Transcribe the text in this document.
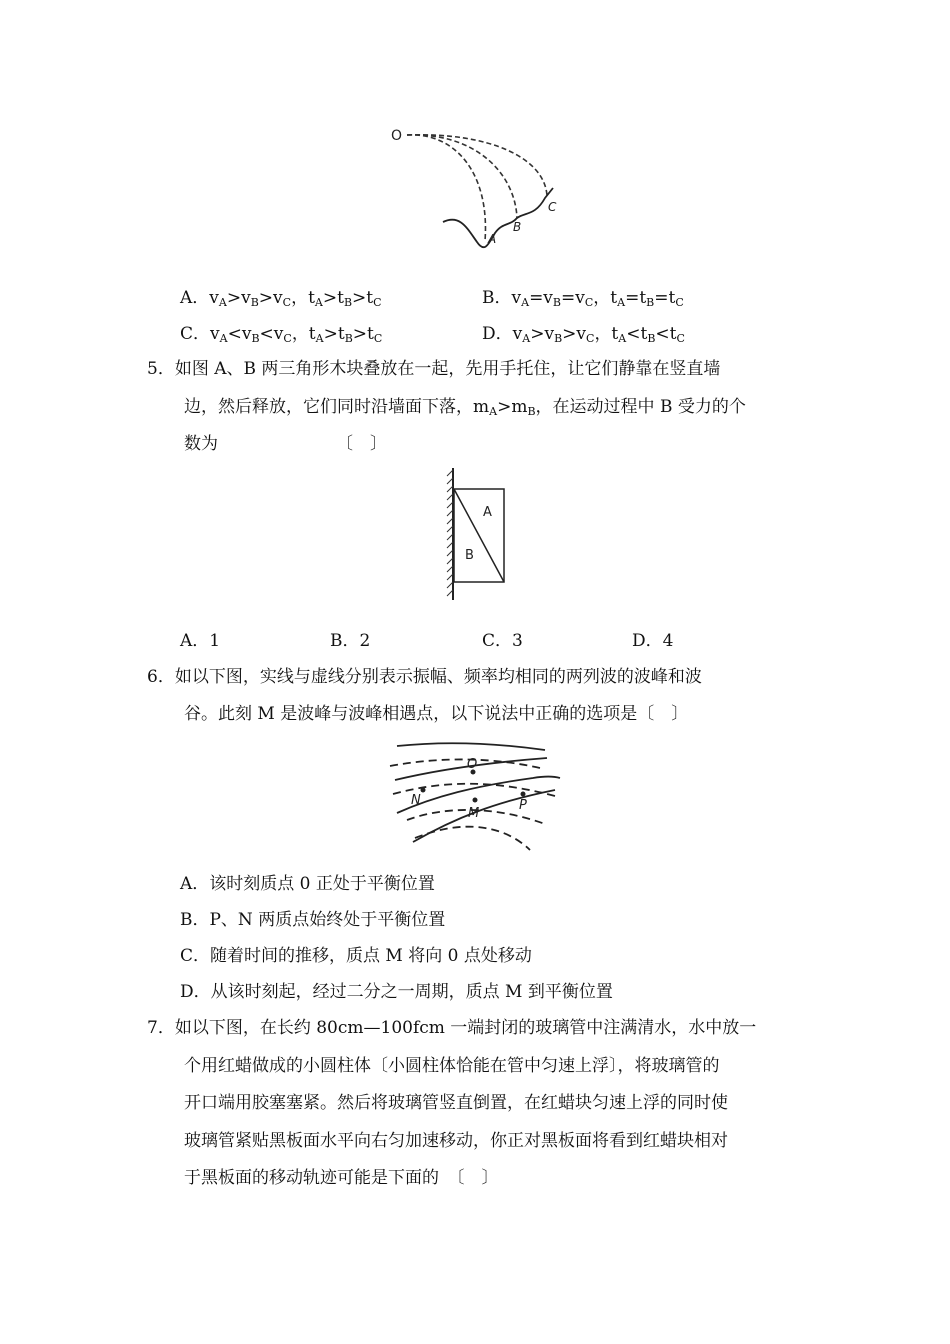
O
A
B
C
A．$v_A>v_B>v_C$，$t_A>t_B>t_C$	B．$v_A=v_B=v_C$，$t_A=t_B=t_C$
C．$v_A<v_B<v_C$，$t_A>t_B>t_C$	D．$v_A>v_B>v_C$，$t_A<t_B<t_C$
5．如图 A、B 两三角形木块叠放在一起，先用手托住，让它们静靠在竖直墙
边，然后释放，它们同时沿墙面下落，$m_A>m_B$，在运动过程中 B 受力的个
数为	〔　〕
A
B
A．1	B．2	C．3	D．4
6．如以下图，实线与虚线分别表示振幅、频率均相同的两列波的波峰和波
谷。此刻 M 是波峰与波峰相遇点，以下说法中正确的选项是〔　〕
O
N
M
P
A．该时刻质点 0 正处于平衡位置
B．P、N 两质点始终处于平衡位置
C．随着时间的推移，质点 M 将向 0 点处移动
D．从该时刻起，经过二分之一周期，质点 M 到平衡位置
7．如以下图，在长约 80cm—100fcm 一端封闭的玻璃管中注满清水，水中放一
个用红蜡做成的小圆柱体〔小圆柱体恰能在管中匀速上浮〕，将玻璃管的
开口端用胶塞塞紧。然后将玻璃管竖直倒置，在红蜡块匀速上浮的同时使
玻璃管紧贴黑板面水平向右匀加速移动，你正对黑板面将看到红蜡块相对
于黑板面的移动轨迹可能是下面的　〔　〕
